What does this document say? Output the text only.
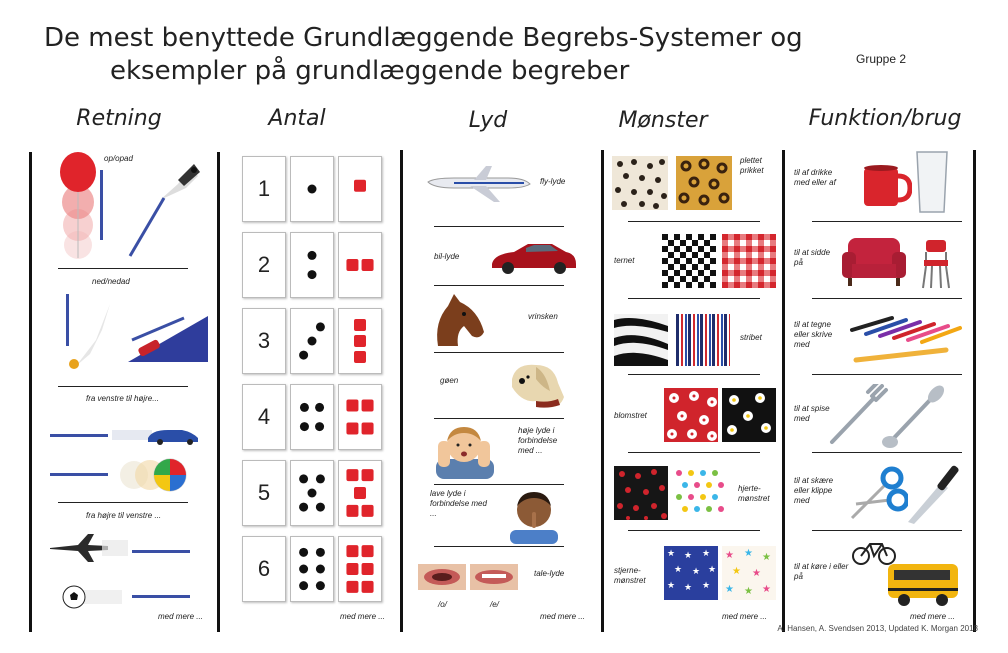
De mest benyttede Grundlæggende Begrebs-Systemer og
eksempler på grundlæggende begreber	Gruppe 2
Retning	Antal	Lyd	Mønster	Funktion/brug
op/opad
ned/nedad
fra venstre til højre...
fra højre til venstre ...
med mere ...
1
2
3
4
5
6
med mere ...
fly-lyde
bil-lyde
vrinsken
gøen
høje lyde i forbindelse med ...
lave lyde i forbindelse med ...
tale-lyde
/o/	/e/
med mere ...
plettet prikket
ternet
stribet
blomstret
hjerte-mønstret
stjerne-mønstret
★ ★ ★
★ ★ ★
★ ★ ★
★ ★ ★
★ ★
★ ★ ★
med mere ...
til af drikke med eller af
til at sidde på
til at tegne eller skrive med
til at spise med
til at skære eller klippe med
til at køre i eller på
med mere ...
A. Hansen, A. Svendsen 2013, Updated K. Morgan 2018
